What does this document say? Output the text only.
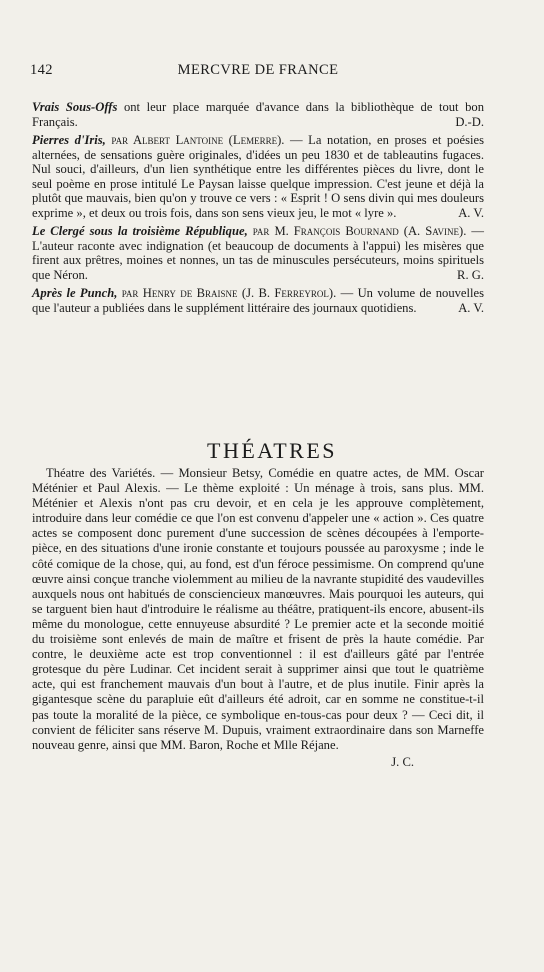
142	MERCVRE DE FRANCE

Vrais Sous-Offs ont leur place marquée d'avance dans la bibliothèque de tout bon Français.	D.-D.

Pierres d'Iris, par Albert Lantoine (Lemerre). — La notation, en proses et poésies alternées, de sensations guère originales, d'idées un peu 1830 et de tableautins fugaces. Nul souci, d'ailleurs, d'un lien synthétique entre les différentes pièces du livre, dont le seul poème en prose intitulé Le Paysan laisse quelque impression. C'est jeune et déjà la plutôt que mauvais, bien qu'on y trouve ce vers : « Esprit ! O sens divin qui mes douleurs exprime », et deux ou trois fois, dans son sens vieux jeu, le mot « lyre ».	A. V.

Le Clergé sous la troisième République, par M. François Bournand (A. Savine). — L'auteur raconte avec indignation (et beaucoup de documents à l'appui) les misères que firent aux prêtres, moines et nonnes, un tas de minuscules persécuteurs, moins spirituels que Néron.	R. G.

Après le Punch, par Henry de Braisne (J. B. Ferreyrol). — Un volume de nouvelles que l'auteur a publiées dans le supplément littéraire des journaux quotidiens.	A. V.

THÉATRES

Théatre des Variétés. — Monsieur Betsy, Comédie en quatre actes, de MM. Oscar Méténier et Paul Alexis. — Le thème exploité : Un ménage à trois, sans plus. MM. Méténier et Alexis n'ont pas cru devoir, et en cela je les approuve complètement, introduire dans leur comédie ce que l'on est convenu d'appeler une « action ». Ces quatre actes se composent donc purement d'une succession de scènes découpées à l'emporte-pièce, en des situations d'une ironie constante et toujours poussée au paroxysme ; inde le côté comique de la chose, qui, au fond, est d'un féroce pessimisme. On comprend qu'une œuvre ainsi conçue tranche violemment au milieu de la navrante stupidité des vaudevilles auxquels nous ont habitués de consciencieux manœuvres. Mais pourquoi les auteurs, qui se targuent bien haut d'introduire le réalisme au théâtre, pratiquent-ils encore, abusent-ils même du monologue, cette ennuyeuse absurdité ? Le premier acte et la seconde moitié du troisième sont enlevés de main de maître et frisent de près la haute comédie. Par contre, le deuxième acte est trop conventionnel : il est d'ailleurs gâté par l'entrée grotesque du père Ludinar. Cet incident serait à supprimer ainsi que tout le quatrième acte, qui est franchement mauvais d'un bout à l'autre, et de plus inutile. Finir après la gigantesque scène du parapluie eût d'ailleurs été adroit, car en somme ne constitue-t-il pas toute la moralité de la pièce, ce symbolique en-tous-cas pour deux ? — Ceci dit, il convient de féliciter sans réserve M. Dupuis, vraiment extraordinaire dans son Marneffe nouveau genre, ainsi que MM. Baron, Roche et Mlle Réjane.

J. C.
